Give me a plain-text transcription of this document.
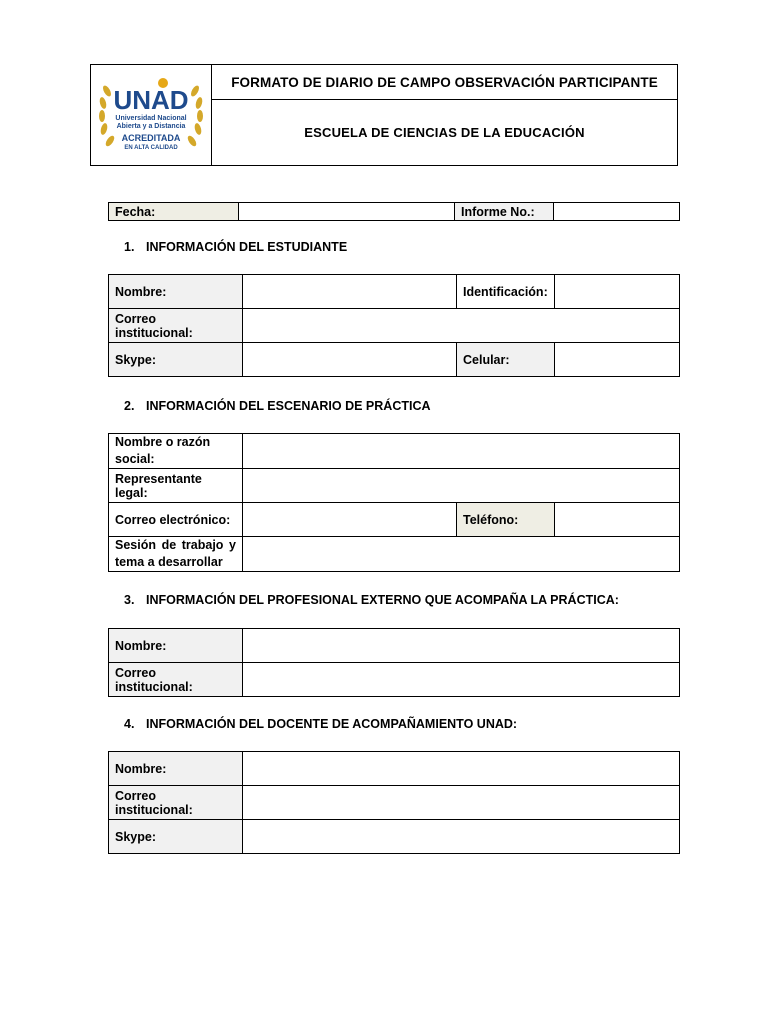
UNAD
Universidad Nacional
Abierta y a Distancia
ACREDITADA
EN ALTA CALIDAD
	FORMATO DE DIARIO DE CAMPO OBSERVACIÓN PARTICIPANTE
ESCUELA DE CIENCIAS DE LA EDUCACIÓN
Fecha:		Informe No.:	

1. INFORMACIÓN DEL ESTUDIANTE

Nombre:		Identificación:	
Correo institucional:			
Skype:		Celular:	

2. INFORMACIÓN DEL ESCENARIO DE PRÁCTICA

Nombre o razón
social:			

Representante legal:			
Correo electrónico:		Teléfono:	

Sesión de trabajo y
tema a desarrollar			

3. INFORMACIÓN DEL PROFESIONAL EXTERNO QUE ACOMPAÑA LA PRÁCTICA:

Nombre:	
Correo institucional:	

4. INFORMACIÓN DEL DOCENTE DE ACOMPAÑAMIENTO UNAD:

Nombre:	
Correo institucional:	
Skype:	
